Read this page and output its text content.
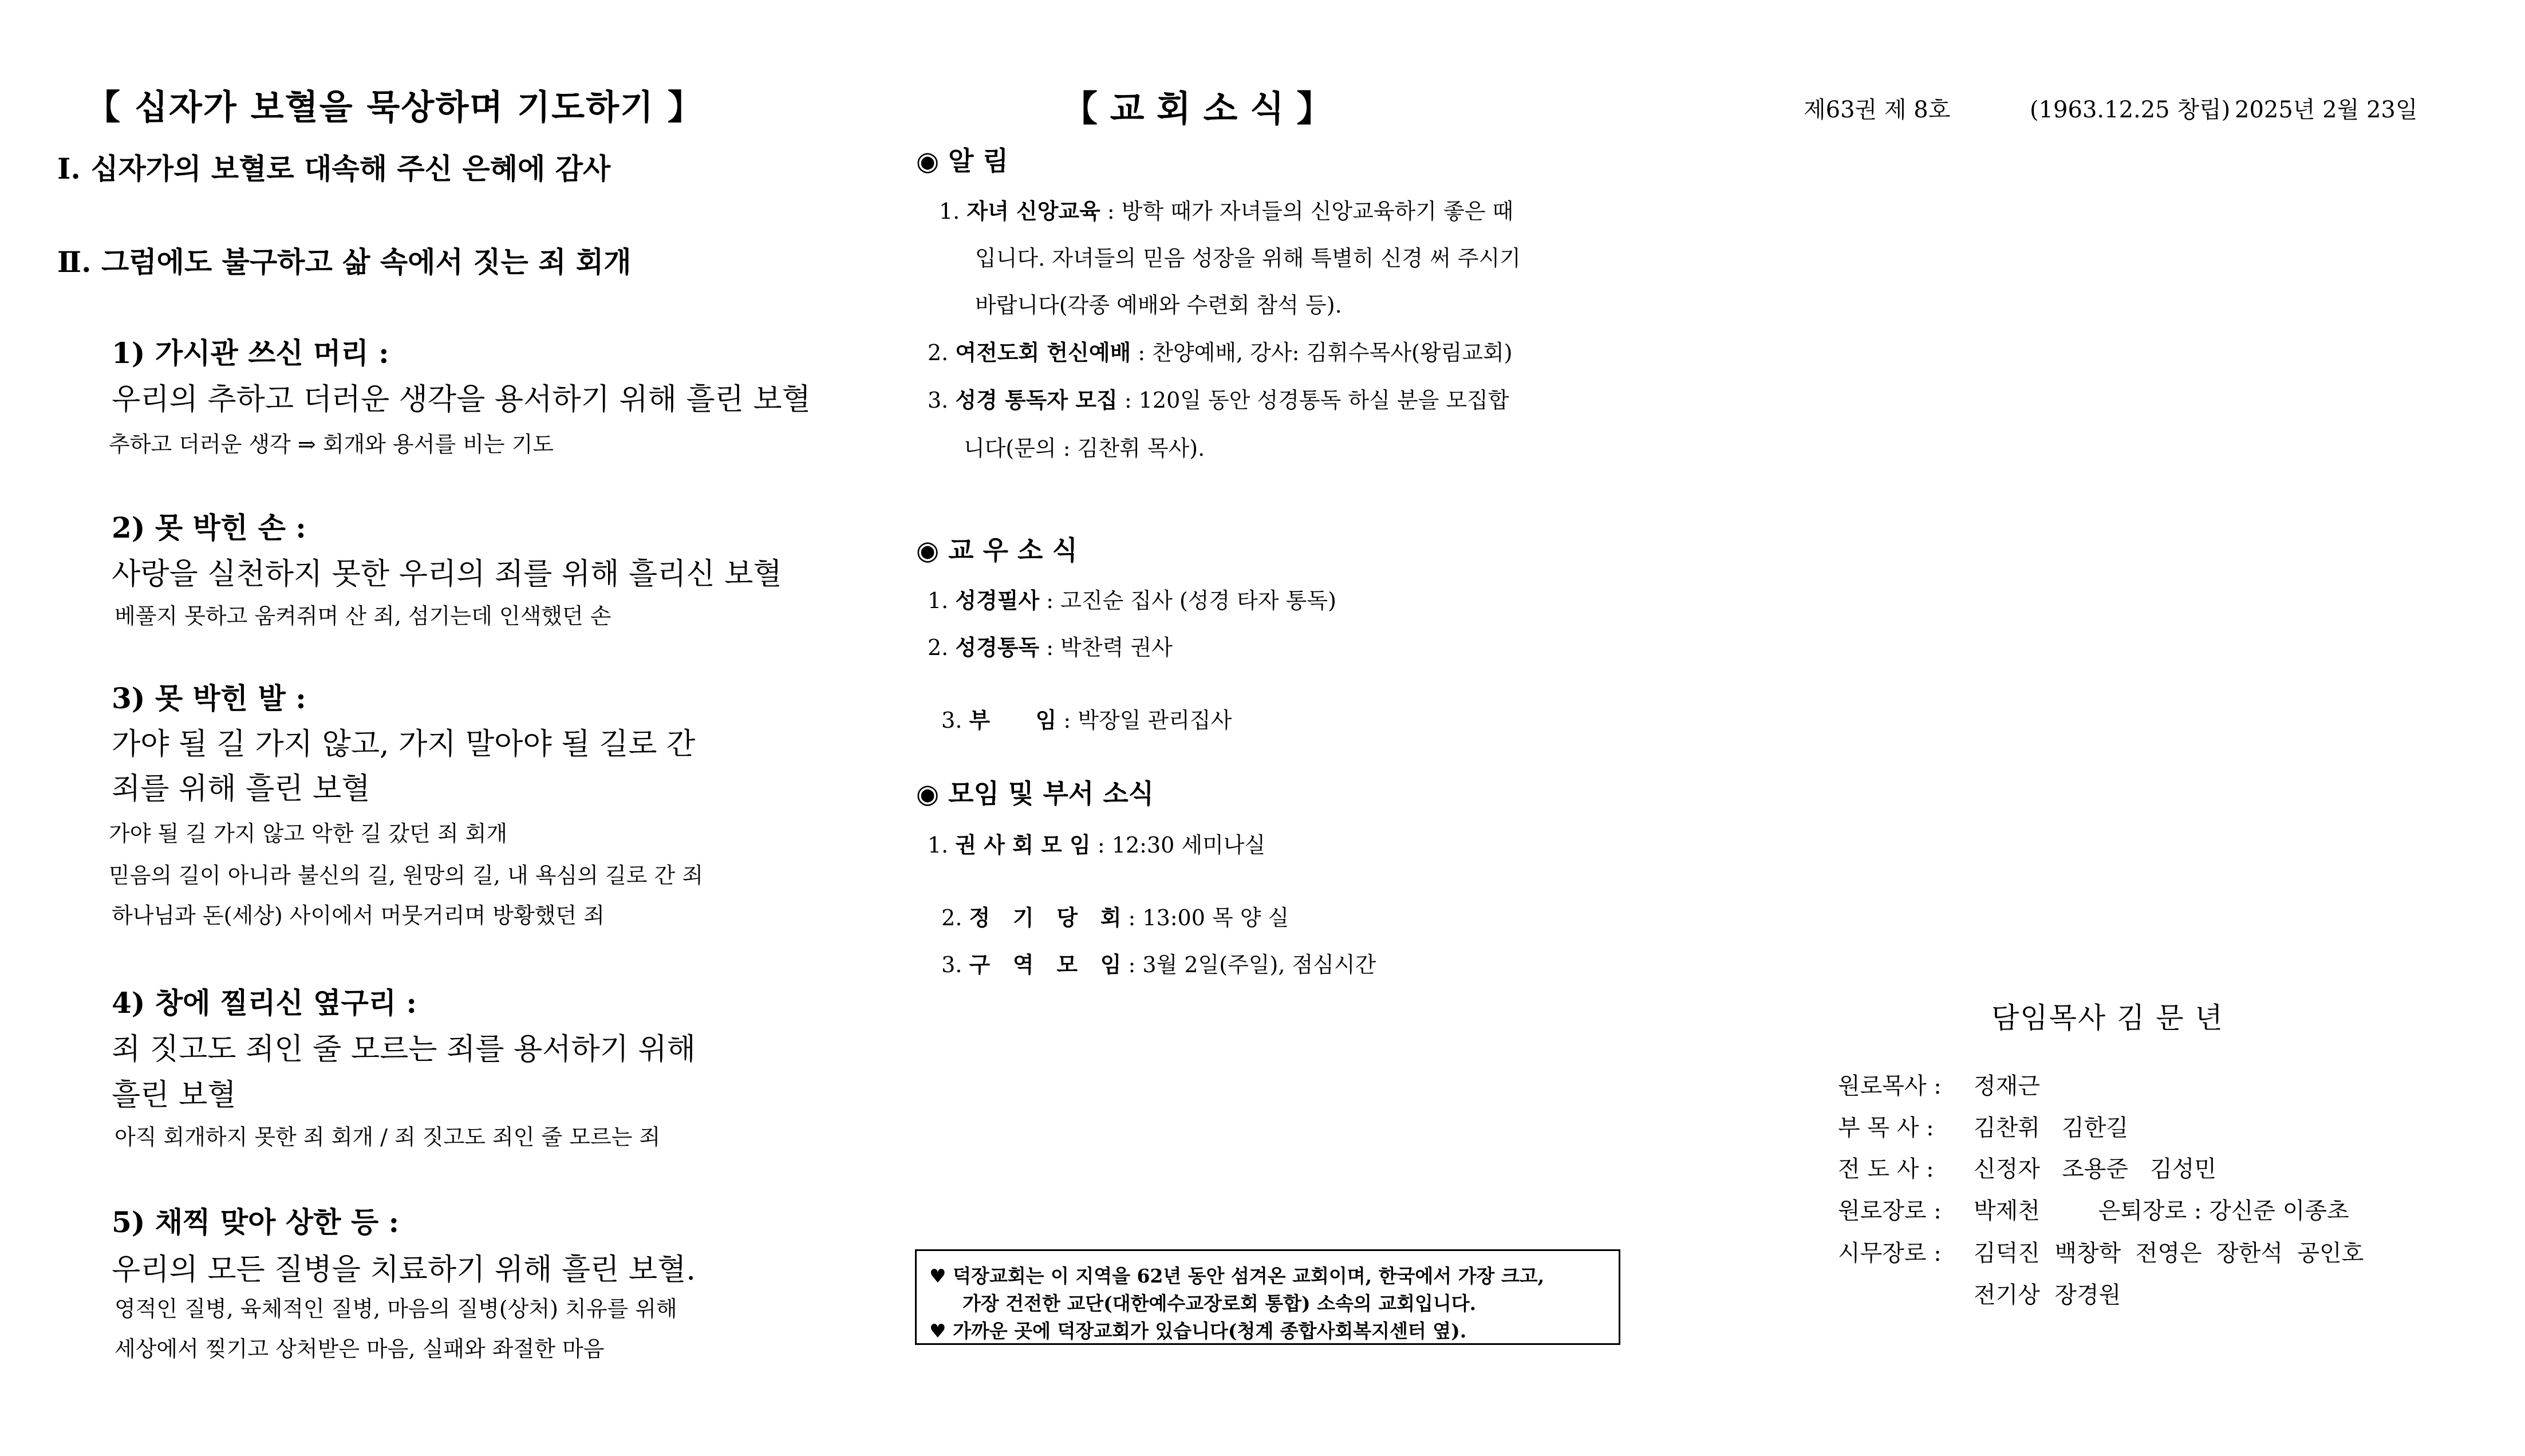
제63권 제 8호	(1963.12.25 창립) 2025년 2월 23일
【 십자가 보혈을 묵상하며 기도하기 】
Ⅰ. 십자가의 보혈로 대속해 주신 은혜에 감사
Ⅱ. 그럼에도 불구하고 삶 속에서 짓는 죄 회개
1) 가시관 쓰신 머리 :
우리의 추하고 더러운 생각을 용서하기 위해 흘린 보혈
추하고 더러운 생각 ⇒ 회개와 용서를 비는 기도
2) 못 박힌 손 :
사랑을 실천하지 못한 우리의 죄를 위해 흘리신 보혈
베풀지 못하고 움켜쥐며 산 죄, 섬기는데 인색했던 손
3) 못 박힌 발 :
가야 될 길 가지 않고, 가지 말아야 될 길로 간
죄를 위해 흘린 보혈
가야 될 길 가지 않고 악한 길 갔던 죄 회개
믿음의 길이 아니라 불신의 길, 원망의 길, 내 욕심의 길로 간 죄
하나님과 돈(세상) 사이에서 머뭇거리며 방황했던 죄
4) 창에 찔리신 옆구리 :
죄 짓고도 죄인 줄 모르는 죄를 용서하기 위해
흘린 보혈
아직 회개하지 못한 죄 회개 / 죄 짓고도 죄인 줄 모르는 죄
5) 채찍 맞아 상한 등 :
우리의 모든 질병을 치료하기 위해 흘린 보혈.
영적인 질병, 육체적인 질병, 마음의 질병(상처) 치유를 위해
세상에서 찢기고 상처받은 마음, 실패와 좌절한 마음
【 교 회 소 식 】
◉ 알 림
1. 자녀 신앙교육 : 방학 때가 자녀들의 신앙교육하기 좋은 때
입니다. 자녀들의 믿음 성장을 위해 특별히 신경 써 주시기
바랍니다(각종 예배와 수련회 참석 등).
2. 여전도회 헌신예배 : 찬양예배, 강사: 김휘수목사(왕림교회)
3. 성경 통독자 모집 : 120일 동안 성경통독 하실 분을 모집합
니다(문의 : 김찬휘 목사).
◉ 교 우 소 식
1. 성경필사 : 고진순 집사 (성경 타자 통독)
2. 성경통독 : 박찬력 권사

3. 부      임 : 박장일 관리집사

◉ 모임 및 부서 소식
1. 권 사 회 모 임 : 12:30 세미나실

2. 정   기   당   회 : 13:00 목 양 실

3. 구   역   모   임 : 3월 2일(주일), 점심시간

♥ 덕장교회는 이 지역을 62년 동안 섬겨온 교회이며, 한국에서 가장 크고,
가장 건전한 교단(대한예수교장로회 통합) 소속의 교회입니다.
♥ 가까운 곳에 덕장교회가 있습니다(청계 종합사회복지센터 옆).
담임목사 김 문 년
원로목사 : 정재근
부 목 사 : 김찬휘   김한길
전 도 사 : 신정자   조용준   김성민
원로장로 : 박제천        은퇴장로 : 강신준 이종초
시무장로 : 김덕진  백창학  전영은  장한석  공인호
전기상  장경원
